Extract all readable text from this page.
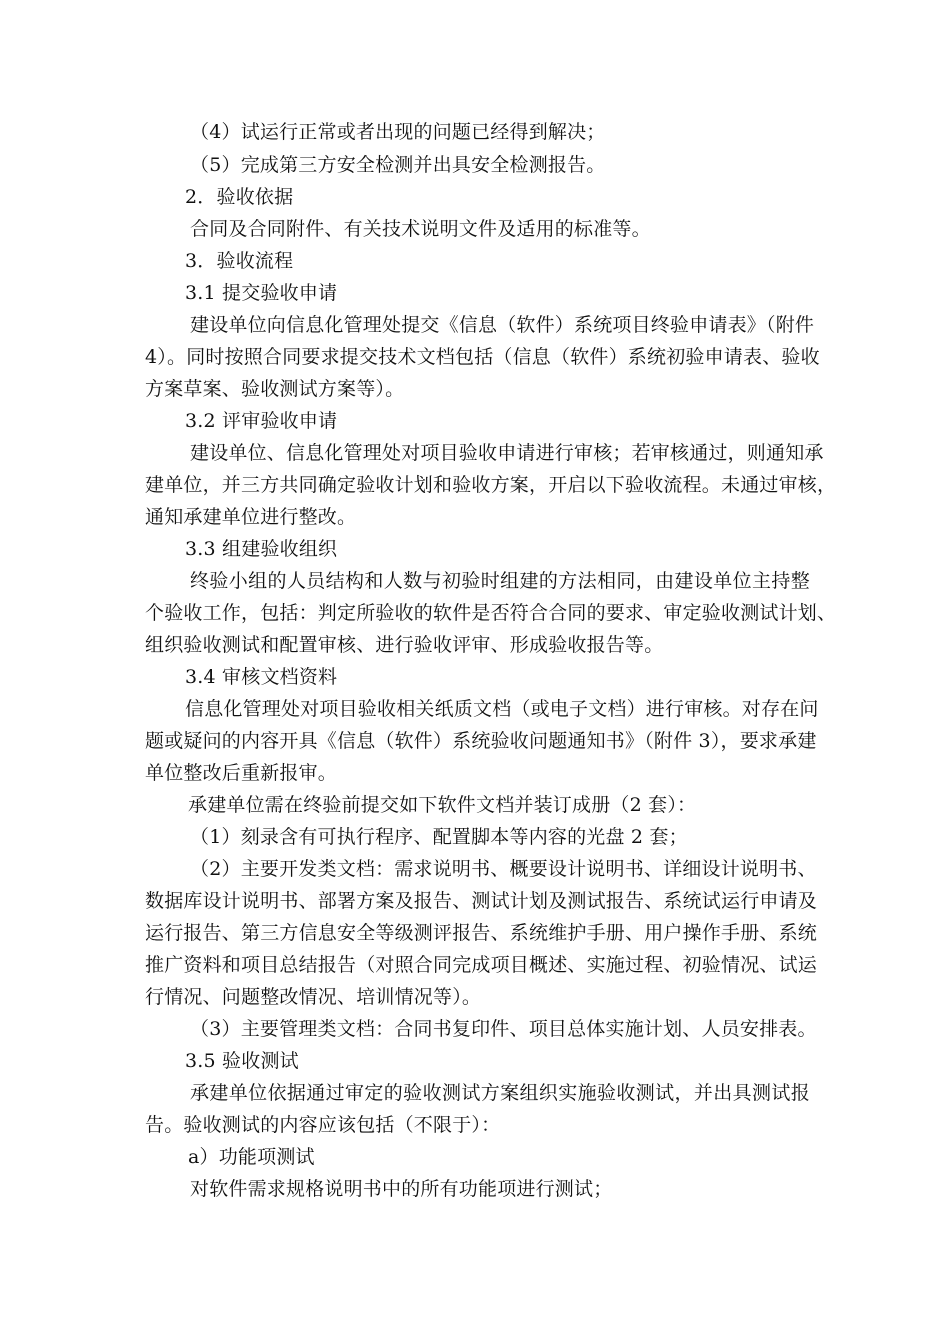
（4）试运行正常或者出现的问题已经得到解决；
（5）完成第三方安全检测并出具安全检测报告。
2．验收依据
合同及合同附件、有关技术说明文件及适用的标准等。
3．验收流程
3.1 提交验收申请
建设单位向信息化管理处提交《信息（软件）系统项目终验申请表》（附件
4）。同时按照合同要求提交技术文档包括（信息（软件）系统初验申请表、验收
方案草案、验收测试方案等）。
3.2 评审验收申请
建设单位、信息化管理处对项目验收申请进行审核；若审核通过，则通知承
建单位，并三方共同确定验收计划和验收方案，开启以下验收流程。未通过审核，
通知承建单位进行整改。
3.3 组建验收组织
终验小组的人员结构和人数与初验时组建的方法相同，由建设单位主持整
个验收工作，包括：判定所验收的软件是否符合合同的要求、审定验收测试计划、
组织验收测试和配置审核、进行验收评审、形成验收报告等。
3.4 审核文档资料
信息化管理处对项目验收相关纸质文档（或电子文档）进行审核。对存在问
题或疑问的内容开具《信息（软件）系统验收问题通知书》（附件 3），要求承建
单位整改后重新报审。
承建单位需在终验前提交如下软件文档并装订成册（2 套）：
（1）刻录含有可执行程序、配置脚本等内容的光盘 2 套；
（2）主要开发类文档：需求说明书、概要设计说明书、详细设计说明书、
数据库设计说明书、部署方案及报告、测试计划及测试报告、系统试运行申请及
运行报告、第三方信息安全等级测评报告、系统维护手册、用户操作手册、系统
推广资料和项目总结报告（对照合同完成项目概述、实施过程、初验情况、试运
行情况、问题整改情况、培训情况等）。
（3）主要管理类文档：合同书复印件、项目总体实施计划、人员安排表。
3.5 验收测试
承建单位依据通过审定的验收测试方案组织实施验收测试，并出具测试报
告。验收测试的内容应该包括（不限于）：
a）功能项测试
对软件需求规格说明书中的所有功能项进行测试；
